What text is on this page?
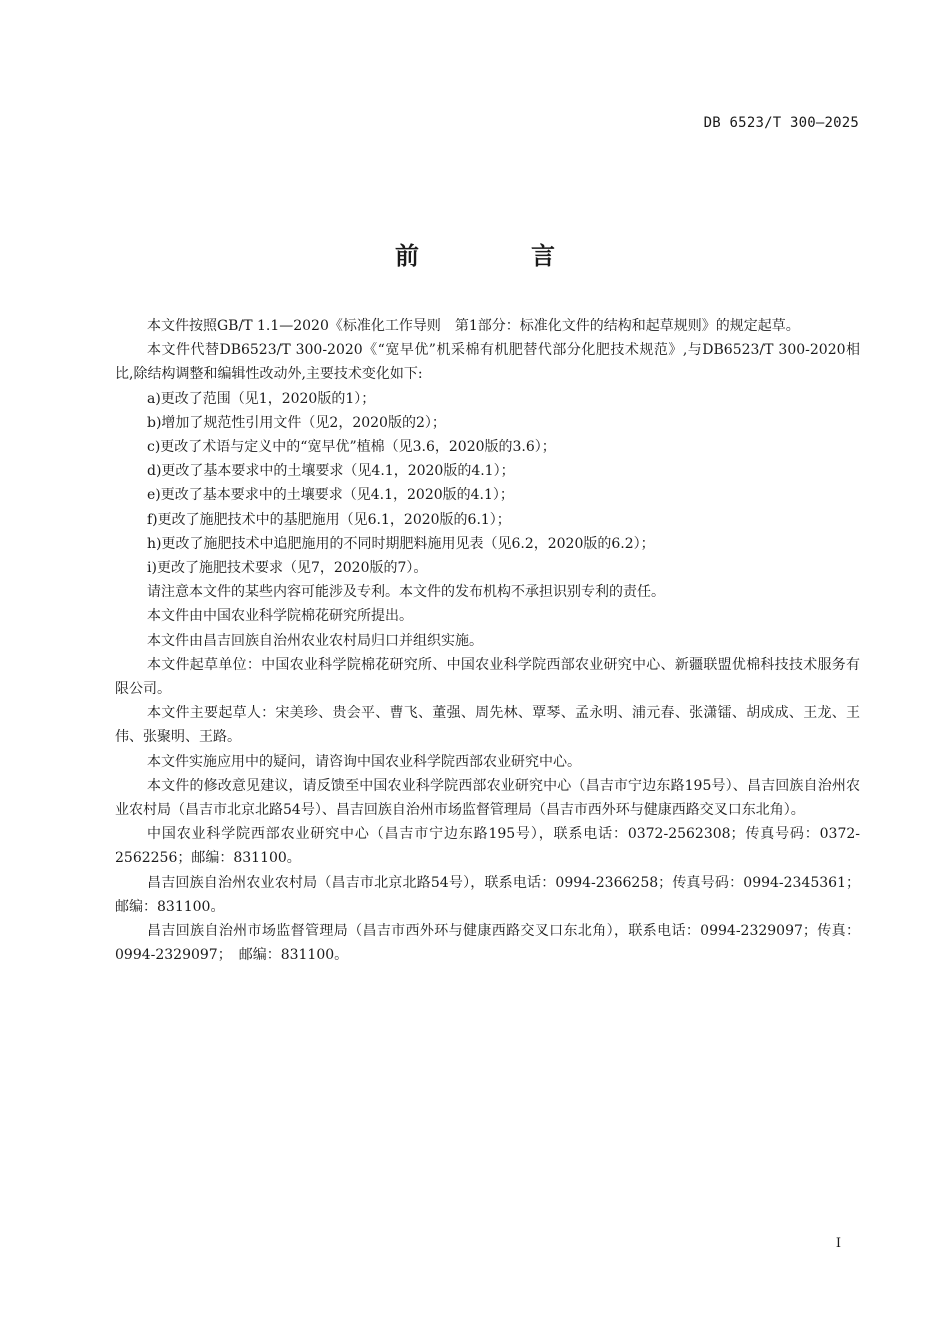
DB 6523/T 300—2025
前　言

本文件按照GB/T 1.1—2020《标准化工作导则　第1部分：标准化文件的结构和起草规则》的规定起草。

本文件代替DB6523/T 300-2020《“宽早优”机采棉有机肥替代部分化肥技术规范》,与DB6523/T 300-2020相比,除结构调整和编辑性改动外,主要技术变化如下:

a)更改了范围（见1，2020版的1）；

b)增加了规范性引用文件（见2，2020版的2）；

c)更改了术语与定义中的“宽早优”植棉（见3.6，2020版的3.6）；

d)更改了基本要求中的土壤要求（见4.1，2020版的4.1）；

e)更改了基本要求中的土壤要求（见4.1，2020版的4.1）；

f)更改了施肥技术中的基肥施用（见6.1，2020版的6.1）；

h)更改了施肥技术中追肥施用的不同时期肥料施用见表（见6.2，2020版的6.2）；

i)更改了施肥技术要求（见7，2020版的7）。

请注意本文件的某些内容可能涉及专利。本文件的发布机构不承担识别专利的责任。

本文件由中国农业科学院棉花研究所提出。

本文件由昌吉回族自治州农业农村局归口并组织实施。

本文件起草单位：中国农业科学院棉花研究所、中国农业科学院西部农业研究中心、新疆联盟优棉科技技术服务有限公司。

本文件主要起草人：宋美珍、贵会平、曹飞、董强、周先林、覃琴、孟永明、浦元春、张潇镭、胡成成、王龙、王伟、张聚明、王路。

本文件实施应用中的疑问，请咨询中国农业科学院西部农业研究中心。

本文件的修改意见建议，请反馈至中国农业科学院西部农业研究中心（昌吉市宁边东路195号）、昌吉回族自治州农业农村局（昌吉市北京北路54号）、昌吉回族自治州市场监督管理局（昌吉市西外环与健康西路交叉口东北角）。

中国农业科学院西部农业研究中心（昌吉市宁边东路195号），联系电话：0372-2562308；传真号码：0372-2562256；邮编：831100。

昌吉回族自治州农业农村局（昌吉市北京北路54号），联系电话：0994-2366258；传真号码：0994-2345361；邮编：831100。

昌吉回族自治州市场监督管理局（昌吉市西外环与健康西路交叉口东北角），联系电话：0994-2329097；传真：0994-2329097；　邮编：831100。

I
